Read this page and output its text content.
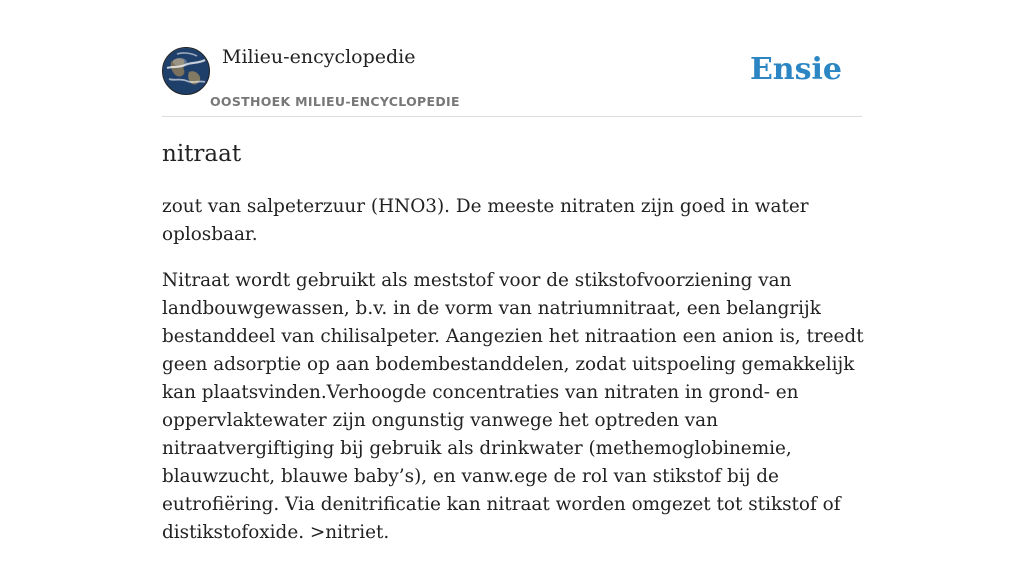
Milieu-encyclopedie
OOSTHOEK MILIEU-ENCYCLOPEDIE
Ensie
nitraat

zout van salpeterzuur (HNO3). De meeste nitraten zijn goed in water oplosbaar.

Nitraat wordt gebruikt als meststof voor de stikstofvoorziening van landbouwgewassen, b.v. in de vorm van natriumnitraat, een belangrijk bestanddeel van chilisalpeter. Aangezien het nitraation een anion is, treedt geen adsorptie op aan bodembestanddelen, zodat uitspoeling gemakkelijk kan plaatsvinden.Verhoogde concentraties van nitraten in grond- en oppervlaktewater zijn ongunstig vanwege het optreden van nitraatvergiftiging bij gebruik als drinkwater (methemoglobinemie, blauwzucht, blauwe baby’s), en vanw.ege de rol van stikstof bij de eutrofiëring. Via denitrificatie kan nitraat worden omgezet tot stikstof of distikstofoxide. >nitriet.
